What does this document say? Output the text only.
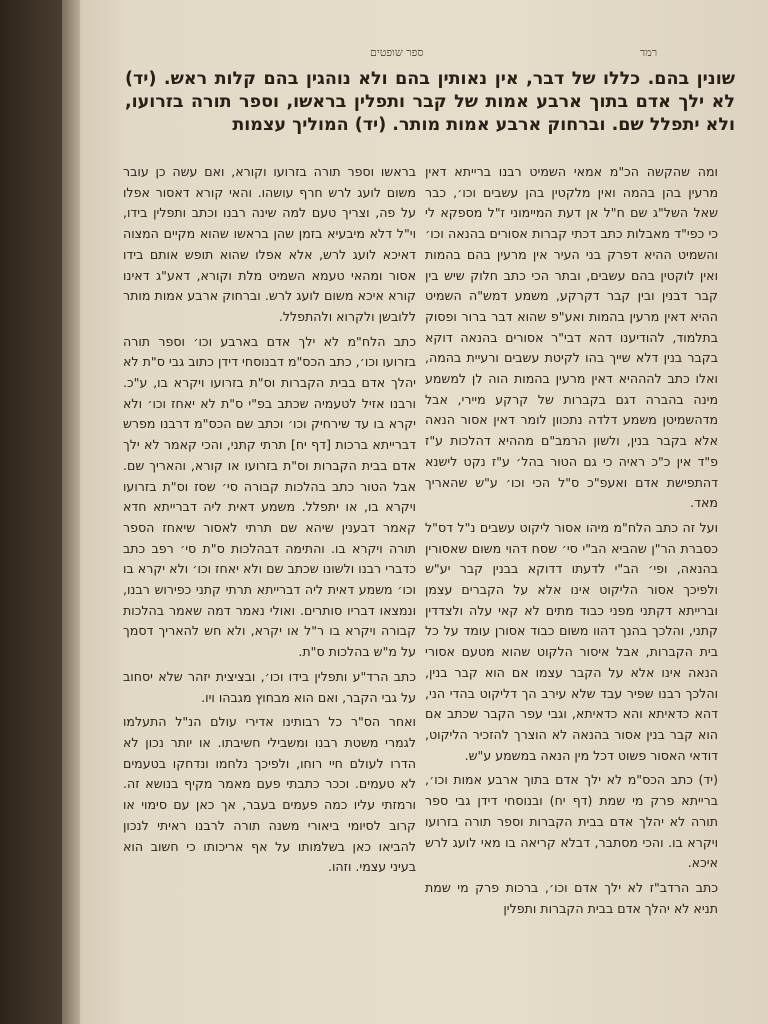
ספר שופטים	רמד

שונין בהם. כללו של דבר, אין נאותין בהם ולא נוהגין בהם קלות ראש. (יד) לא ילך אדם בתוך ארבע אמות של קבר ותפלין בראשו, וספר תורה בזרועו, ולא יתפלל שם. וברחוק ארבע אמות מותר. (יד) המוליך עצמות

ומה שהקשה הכ"מ אמאי השמיט רבנו ברייתא דאין מרעין בהן בהמה ואין מלקטין בהן עשבים וכו׳, כבר שאל השל"ג שם ח"ל אן דעת המיימוני ז"ל מספקא לי כי כפי"ד מאבלות כתב דכתי קברות אסורים בהנאה וכו׳ והשמיט ההיא דפרק בני העיר אין מרעין בהם בהמות ואין לוקטין בהם עשבים, ובתר הכי כתב חלוק שיש בין קבר דבנין ובין קבר דקרקע, משמע דמש"ה השמיט ההיא דאין מרעין בהמות ואע"פ שהוא דבר ברור ופסוק בתלמוד, להודיענו דהא דבי"ר אסורים בהנאה דוקא בקבר בנין דלא שייך בהו לקיטת עשבים ורעיית בהמה, ואלו כתב להההיא דאין מרעין בהמות הוה לן למשמע מינה בהברה דגם בקברות של קרקע מיירי, אבל מדהשמיטן משמע דלדה נתכוון לומר דאין אסור הנאה אלא בקבר בנין, ולשון הרמב"ם מההיא דהלכות ע"ז פ"ד אין כ"כ ראיה כי גם הטור בהל׳ ע"ז נקט לישנא דהתפישת אדם ואעפ"כ ס"ל הכי וכו׳ ע"ש שהאריך מאד.

ועל זה כתב הלח"מ מיהו אסור ליקוט עשבים נ"ל דס"ל כסברת הר"ן שהביא הב"י סי׳ שסח דהוי משום שאסורין בהנאה, ופי׳ הב"י לדעתו דדוקא בבנין קבר יע"ש ולפיכך אסור הליקוט אינו אלא על הקברים עצמן וברייתא דקתני מפני כבוד מתים לא קאי עלה ולצדדין קתני, והלכך בהנך דהוו משום כבוד אסורן עומד על כל בית הקברות, אבל איסור הלקוט שהוא מטעם אסורי הנאה אינו אלא על הקבר עצמו אם הוא קבר בנין, והלכך רבנו שפיר עבד שלא עירב הך דליקוט בהדי הני, דהא כדאיתא והא כדאיתא, וגבי עפר הקבר שכתב אם הוא קבר בנין אסור בהנאה לא הוצרך להזכיר הליקוט, דודאי האסור פשוט דכל מין הנאה במשמע ע"ש.

(יד) כתב הכס"מ לא ילך אדם בתוך ארבע אמות וכו׳, ברייתא פרק מי שמת (דף יח) ובנוסחי דידן גבי ספר תורה לא יהלך אדם בבית הקברות וספר תורה בזרועו ויקרא בו. והכי מסתבר, דבלא קריאה בו מאי לועג לרש איכא.

כתב הרדב"ז לא ילך אדם וכו׳, ברכות פרק מי שמת תניא לא יהלך אדם בבית הקברות ותפלין

בראשו וספר תורה בזרועו וקורא, ואם עשה כן עובר משום לועג לרש חרף עושהו. והאי קורא דאסור אפלו על פה, וצריך טעם למה שינה רבנו וכתב ותפלין בידו, וי"ל דלא מיבעיא בזמן שהן בראשו שהוא מקיים המצוה דאיכא לועג לרש, אלא אפלו שהוא תופש אותם בידו אסור ומהאי טעמא השמיט מלת וקורא, דאע"ג דאינו קורא איכא משום לועג לרש. וברחוק ארבע אמות מותר ללובשן ולקרוא ולהתפלל.

כתב הלח"מ לא ילך אדם בארבע וכו׳ וספר תורה בזרועו וכו׳, כתב הכס"מ דבנוסחי דידן כתוב גבי ס"ת לא יהלך אדם בבית הקברות וס"ת בזרועו ויקרא בו, ע"כ. ורבנו אזיל לטעמיה שכתב בפ"י ס"ת לא יאחז וכו׳ ולא יקרא בו עד שירחיק וכו׳ וכתב שם הכס"מ דרבנו מפרש דברייתא ברכות [דף יח] תרתי קתני, והכי קאמר לא ילך אדם בבית הקברות וס"ת בזרועו או קורא, והאריך שם. אבל הטור כתב בהלכות קבורה סי׳ שסז וס"ת בזרועו ויקרא בו, או יתפלל. משמע דאית ליה דברייתא חדא קאמר דבענין שיהא שם תרתי לאסור שיאחז הספר תורה ויקרא בו. והתימה דבהלכות ס"ת סי׳ רפב כתב כדברי רבנו ולשונו שכתב שם ולא יאחז וכו׳ ולא יקרא בו וכו׳ משמע דאית ליה דברייתא תרתי קתני כפירוש רבנו, ונמצאו דבריו סותרים. ואולי נאמר דמה שאמר בהלכות קבורה ויקרא בו ר"ל או יקרא, ולא חש להאריך דסמך על מ"ש בהלכות ס"ת.

כתב הרד"ע ותפלין בידו וכו׳, ובציצית יזהר שלא יסחוב על גבי הקבר, ואם הוא מבחוץ מגבהו ויו.

ואחר הס"ר כל רבותינו אדירי עולם הנ"ל התעלמו לגמרי משטת רבנו ומשבילי חשיבתו. או יותר נכון לא הדרו לעולם חיי רוחו, ולפיכך נלחמו ונדחקו בטעמים לא טעמים. וככר כתבתי פעם מאמר מקיף בנושא זה. ורמזתי עליו כמה פעמים בעבר, אך כאן עם סימוי או קרוב לסיומי ביאורי משנה תורה לרבנו ראיתי לנכון להביאו כאן בשלמותו על אף אריכותו כי חשוב הוא בעיני עצמי. וזהו.
